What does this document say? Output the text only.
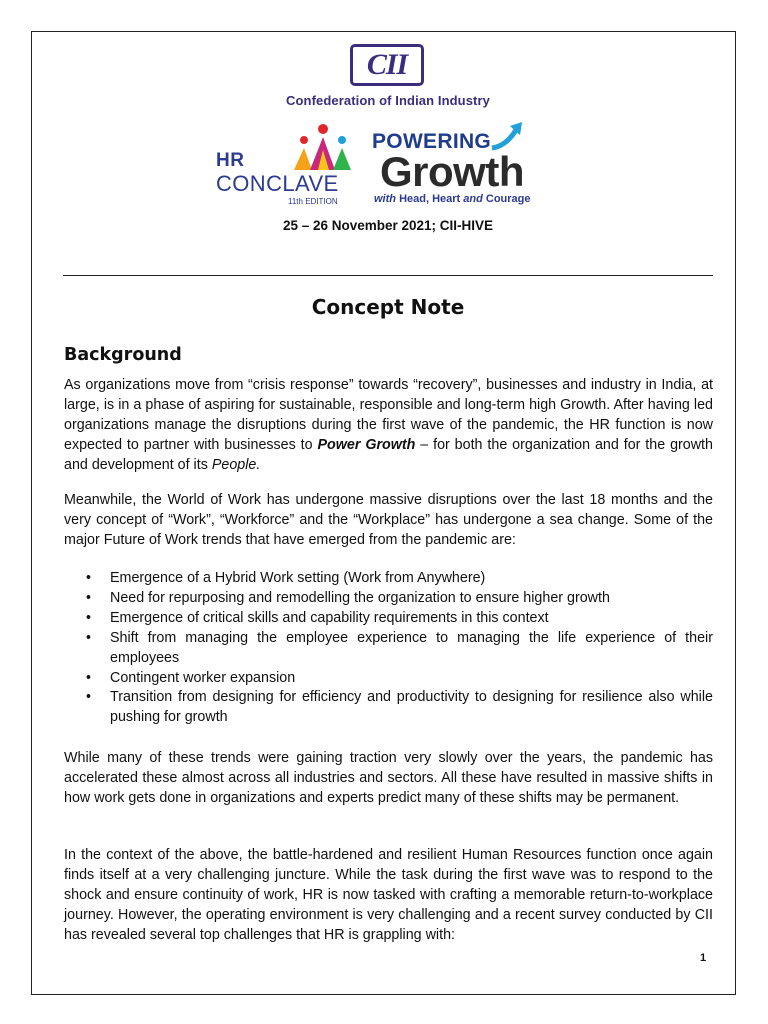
CII
Confederation of Indian Industry
HR
CONCLAVE
11th EDITION
POWERING
Growth
with Head, Heart and Courage
25 – 26 November 2021; CII-HIVE
Concept Note
Background

As organizations move from “crisis response” towards “recovery”, businesses and industry in India, at large, is in a phase of aspiring for sustainable, responsible and long-term high Growth. After having led organizations manage the disruptions during the first wave of the pandemic, the HR function is now expected to partner with businesses to Power Growth – for both the organization and for the growth and development of its People.

Meanwhile, the World of Work has undergone massive disruptions over the last 18 months and the very concept of “Work”, “Workforce” and the “Workplace” has undergone a sea change. Some of the major Future of Work trends that have emerged from the pandemic are:

• Emergence of a Hybrid Work setting (Work from Anywhere)
• Need for repurposing and remodelling the organization to ensure higher growth
• Emergence of critical skills and capability requirements in this context
• Shift from managing the employee experience to managing the life experience of their employees
• Contingent worker expansion
• Transition from designing for efficiency and productivity to designing for resilience also while pushing for growth

While many of these trends were gaining traction very slowly over the years, the pandemic has accelerated these almost across all industries and sectors. All these have resulted in massive shifts in how work gets done in organizations and experts predict many of these shifts may be permanent.

In the context of the above, the battle-hardened and resilient Human Resources function once again finds itself at a very challenging juncture. While the task during the first wave was to respond to the shock and ensure continuity of work, HR is now tasked with crafting a memorable return-to-workplace journey. However, the operating environment is very challenging and a recent survey conducted by CII has revealed several top challenges that HR is grappling with:

1
